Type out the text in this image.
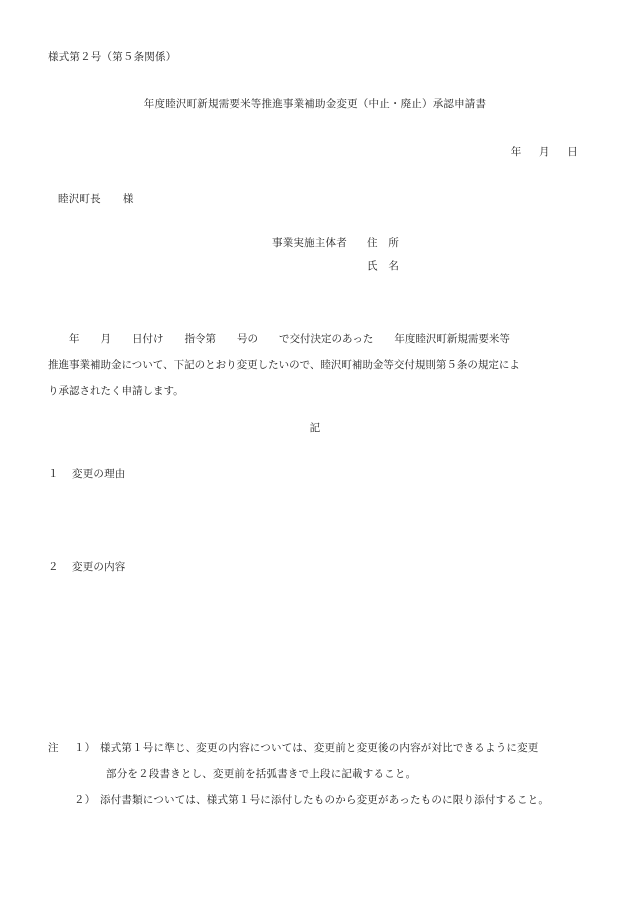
様式第２号（第５条関係）
年度睦沢町新規需要米等推進事業補助金変更（中止・廃止）承認申請書
年 月 日
睦沢町長 様
事業実施主体者 住　所
氏　名
　　年　　月　　日付け　　指令第　　号の　　で交付決定のあった　　年度睦沢町新規需要米等
推進事業補助金について、下記のとおり変更したいので、睦沢町補助金等交付規則第５条の規定によ
り承認されたく申請します。
記
１ 変更の理由
２ 変更の内容
注 １） 様式第１号に準じ、変更の内容については、変更前と変更後の内容が対比できるように変更
部分を２段書きとし、変更前を括弧書きで上段に記載すること。
２） 添付書類については、様式第１号に添付したものから変更があったものに限り添付すること。
